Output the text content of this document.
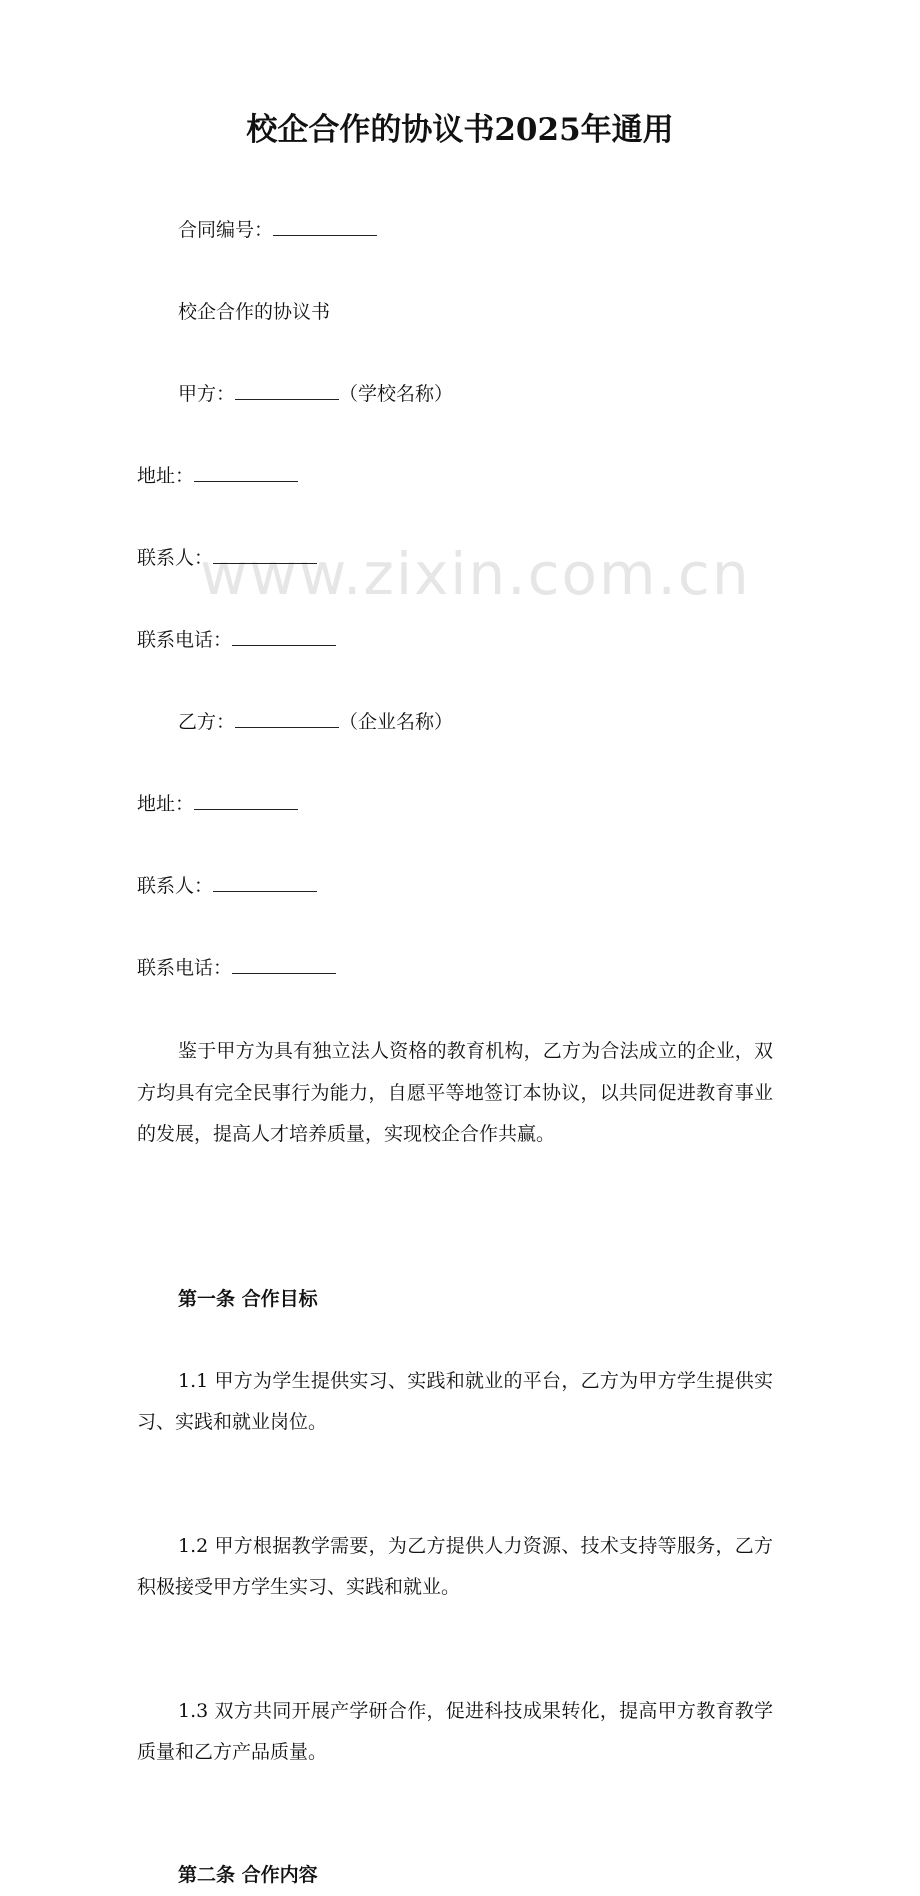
www.zixin.com.cn
校企合作的协议书2025年通用
合同编号：
校企合作的协议书
甲方：	（学校名称）
地址：
联系人：
联系电话：
乙方：	（企业名称）
地址：
联系人：
联系电话：
鉴于甲方为具有独立法人资格的教育机构，乙方为合法成立的企业，双方均具有完全民事行为能力，自愿平等地签订本协议，以共同促进教育事业的发展，提高人才培养质量，实现校企合作共赢。
第一条 合作目标
1.1 甲方为学生提供实习、实践和就业的平台，乙方为甲方学生提供实习、实践和就业岗位。
1.2 甲方根据教学需要，为乙方提供人力资源、技术支持等服务，乙方积极接受甲方学生实习、实践和就业。
1.3 双方共同开展产学研合作，促进科技成果转化，提高甲方教育教学质量和乙方产品质量。
第二条 合作内容
